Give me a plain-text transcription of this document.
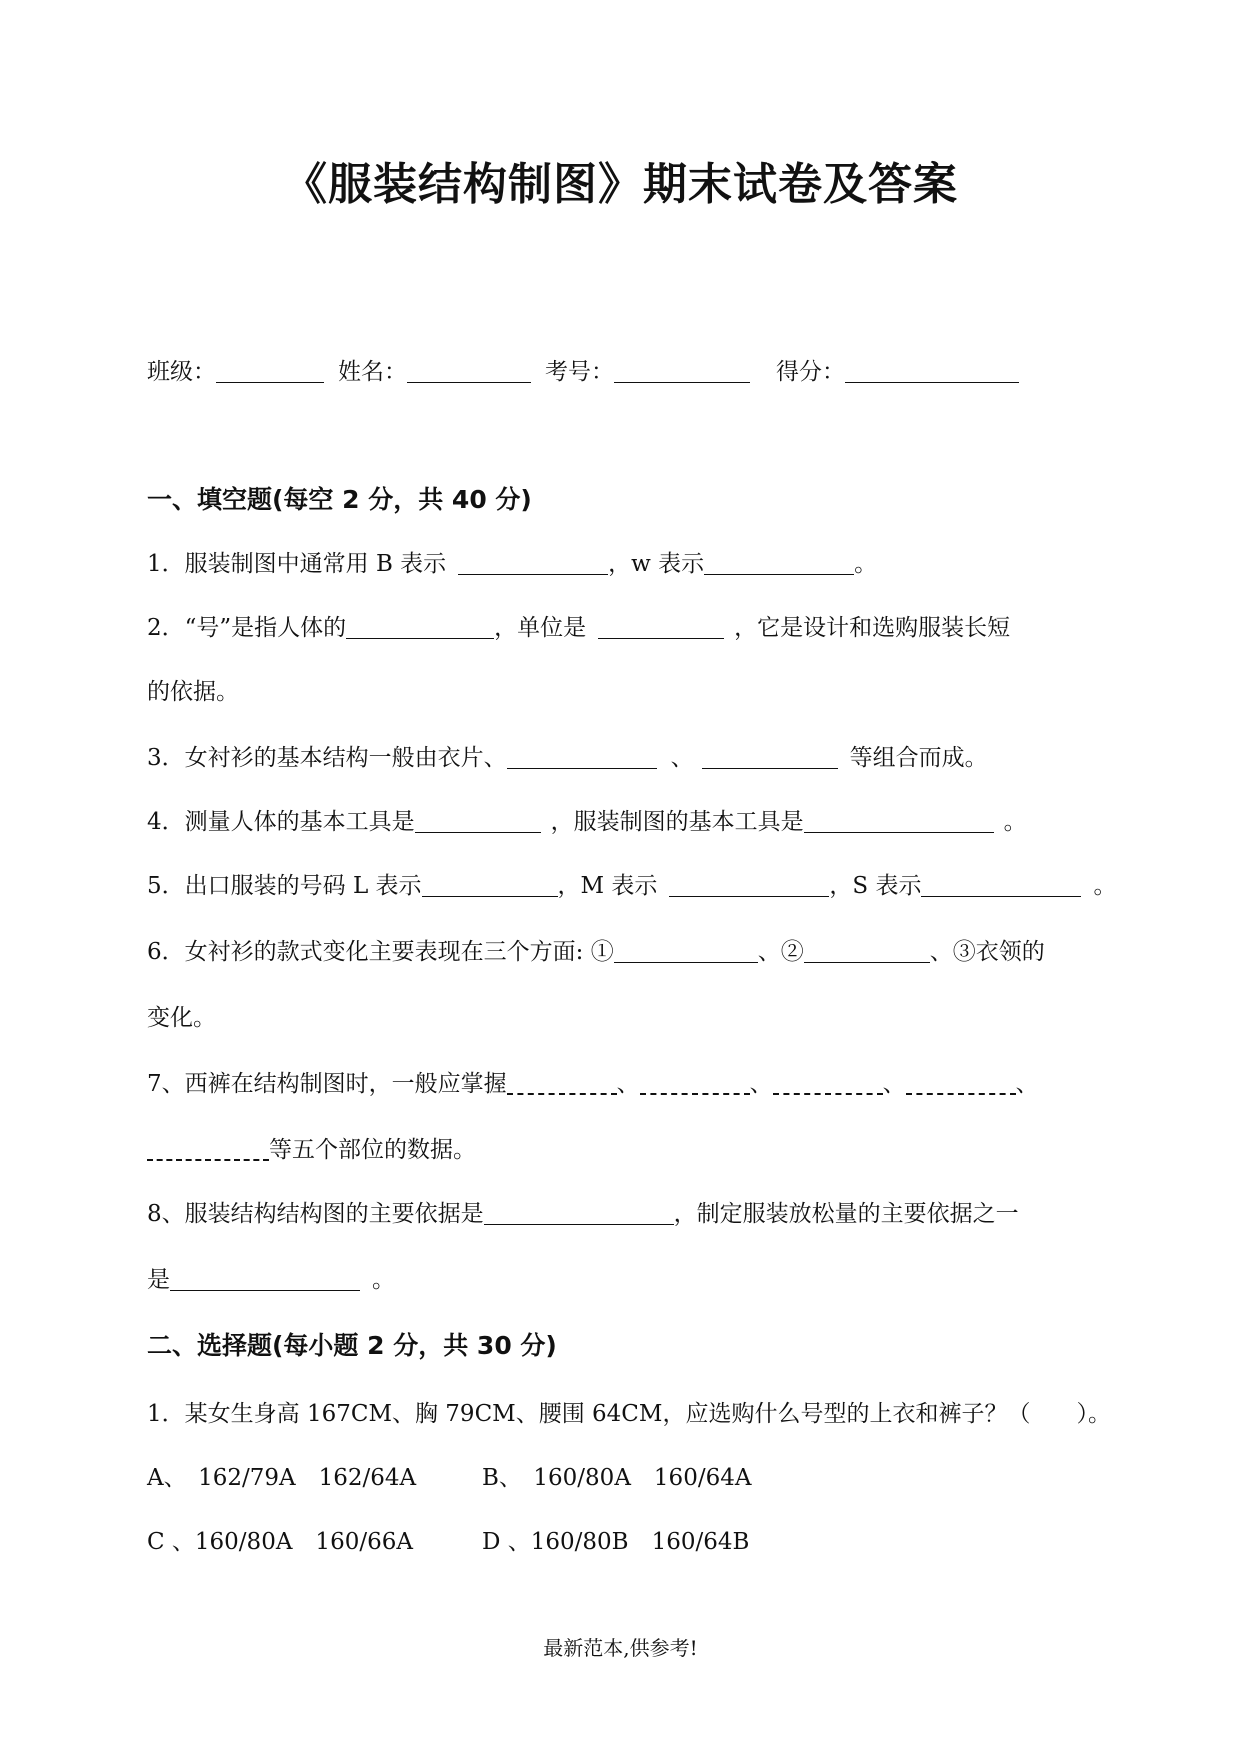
《服装结构制图》期末试卷及答案
班级：	姓名：	考号：	得分：
一、填空题(每空 2 分，共 40 分)
1．服装制图中通常用 B 表示	，w 表示	。
2．“号”是指人体的	，单位是	，它是设计和选购服装长短
的依据。
3．女衬衫的基本结构一般由衣片、	、	等组合而成。
4．测量人体的基本工具是	，服装制图的基本工具是	。
5．出口服装的号码 L 表示	，M 表示	，S 表示	。
6．女衬衫的款式变化主要表现在三个方面: ①	、②	、③衣领的
变化。
7、西裤在结构制图时，一般应掌握	、	、	、	、
等五个部位的数据。
8、服装结构结构图的主要依据是	，制定服装放松量的主要依据之一
是	。
二、选择题(每小题 2 分，共 30 分)
1．某女生身高 167CM、胸 79CM、腰围 64CM，应选购什么号型的上衣和裤子？（　　）。
A、　162/79A　162/64A	B、　160/80A　160/64A
C 、160/80A　160/66A	D 、160/80B　160/64B
最新范本,供参考!
